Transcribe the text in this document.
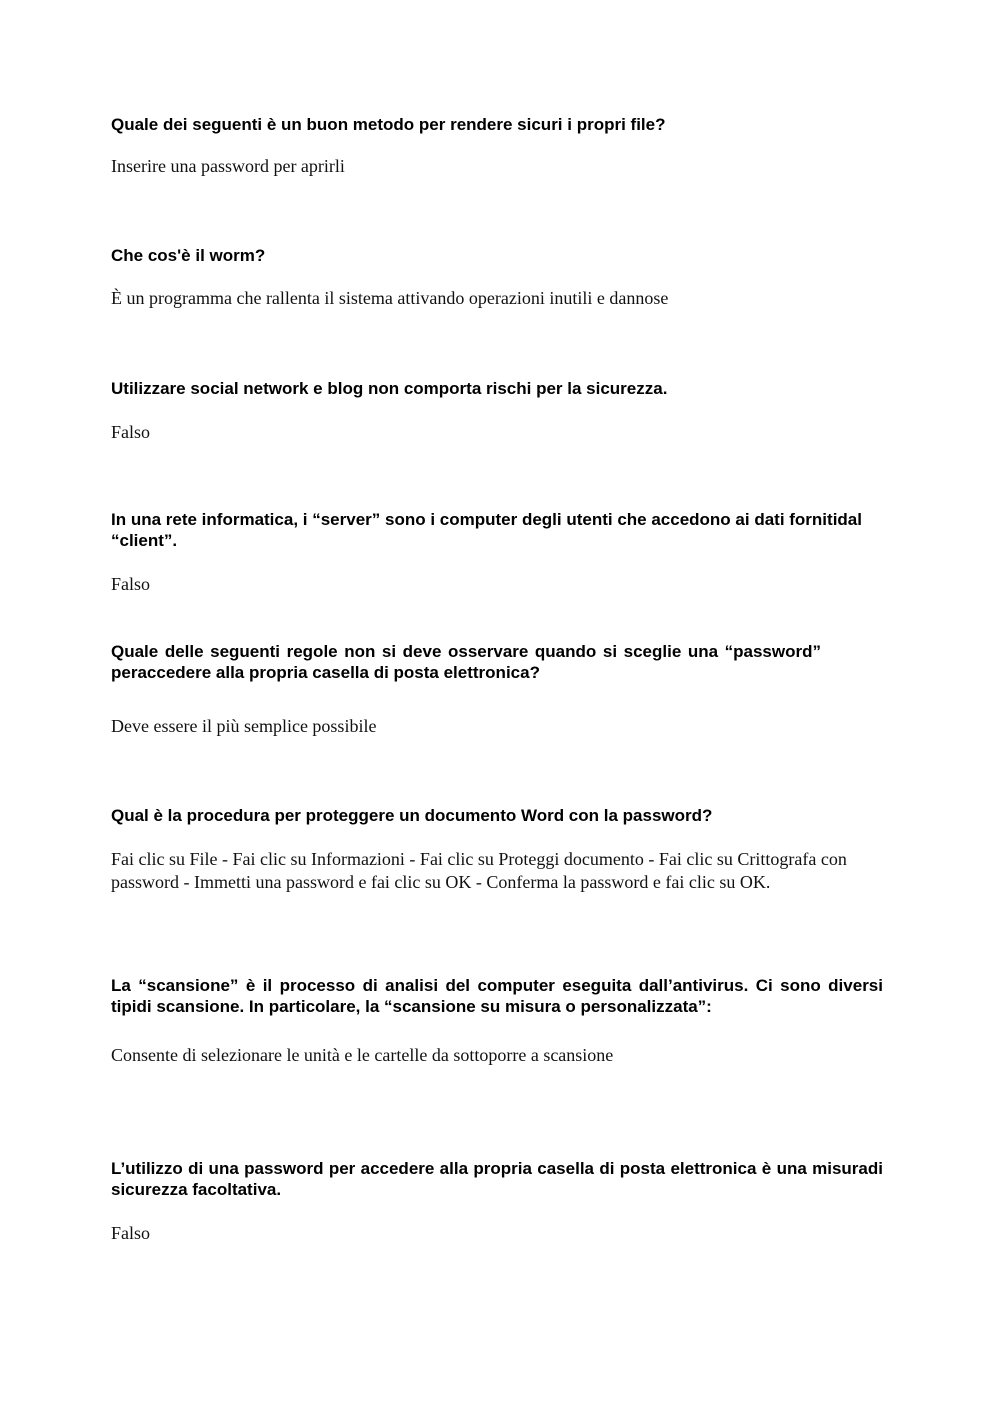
Quale dei seguenti è un buon metodo per rendere sicuri i propri file?

Inserire una password per aprirli

Che cos'è il worm?

È un programma che rallenta il sistema attivando operazioni inutili e dannose

Utilizzare social network e blog non comporta rischi per la sicurezza.

Falso

In una rete informatica, i “server” sono i computer degli utenti che accedono ai dati fornitidal “client”.

Falso

Quale delle seguenti regole non si deve osservare quando si sceglie una “password” peraccedere alla propria casella di posta elettronica?

Deve essere il più semplice possibile

Qual è la procedura per proteggere un documento Word con la password?

Fai clic su File - Fai clic su Informazioni - Fai clic su Proteggi documento - Fai clic su Crittografa con password - Immetti una password e fai clic su OK - Conferma la password e fai clic su OK.

La “scansione” è il processo di analisi del computer eseguita dall’antivirus. Ci sono diversi tipidi scansione. In particolare, la “scansione su misura o personalizzata”:

Consente di selezionare le unità e le cartelle da sottoporre a scansione

L’utilizzo di una password per accedere alla propria casella di posta elettronica è una misuradi sicurezza facoltativa.

Falso
